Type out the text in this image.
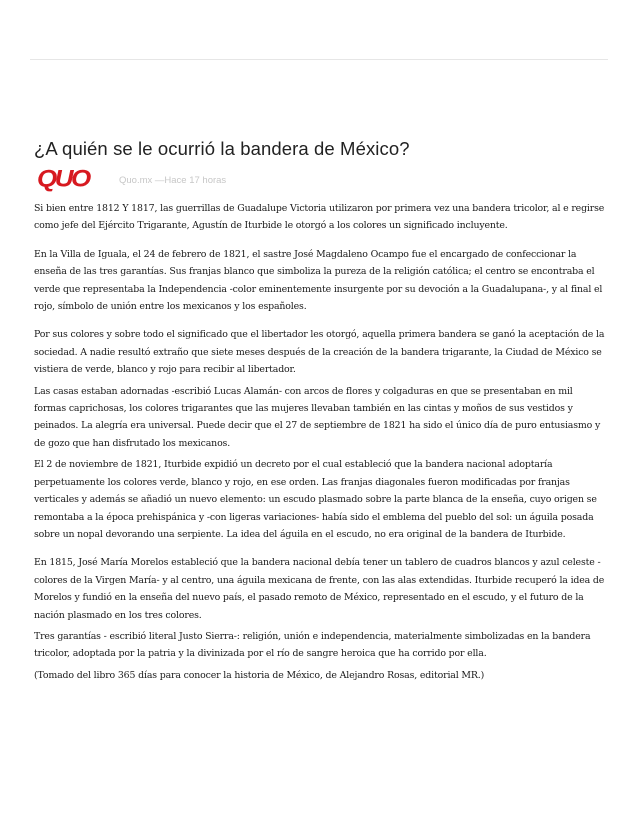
¿A quién se le ocurrió la bandera de México?
QUO	Quo.mx —Hace 17 horas

Si bien entre 1812 Y 1817, las guerrillas de Guadalupe Victoria utilizaron por primera vez una bandera tricolor, al e regirse como jefe del Ejército Trigarante, Agustín de Iturbide le otorgó a los colores un significado incluyente.

En la Villa de Iguala, el 24 de febrero de 1821, el sastre José Magdaleno Ocampo fue el encargado de confeccionar la enseña de las tres garantías. Sus franjas blanco que simboliza la pureza de la religión católica; el centro se encontraba el verde que representaba la Independencia -color eminentemente insurgente por su devoción a la Guadalupana-, y al final el rojo, símbolo de unión entre los mexicanos y los españoles.

Por sus colores y sobre todo el significado que el libertador les otorgó, aquella primera bandera se ganó la aceptación de la sociedad. A nadie resultó extraño que siete meses después de la creación de la bandera trigarante, la Ciudad de México se vistiera de verde, blanco y rojo para recibir al libertador.

Las casas estaban adornadas -escribió Lucas Alamán- con arcos de flores y colgaduras en que se presentaban en mil formas caprichosas, los colores trigarantes que las mujeres llevaban también en las cintas y moños de sus vestidos y peinados. La alegría era universal. Puede decir que el 27 de septiembre de 1821 ha sido el único día de puro entusiasmo y de gozo que han disfrutado los mexicanos.

El 2 de noviembre de 1821, Iturbide expidió un decreto por el cual estableció que la bandera nacional adoptaría perpetuamente los colores verde, blanco y rojo, en ese orden. Las franjas diagonales fueron modificadas por franjas verticales y además se añadió un nuevo elemento: un escudo plasmado sobre la parte blanca de la enseña, cuyo origen se remontaba a la época prehispánica y -con ligeras variaciones- había sido el emblema del pueblo del sol: un águila posada sobre un nopal devorando una serpiente. La idea del águila en el escudo, no era original de la bandera de Iturbide.

En 1815, José María Morelos estableció que la bandera nacional debía tener un tablero de cuadros blancos y azul celeste - colores de la Virgen María- y al centro, una águila mexicana de frente, con las alas extendidas. Iturbide recuperó la idea de Morelos y fundió en la enseña del nuevo país, el pasado remoto de México, representado en el escudo, y el futuro de la nación plasmado en los tres colores.

Tres garantías - escribió literal Justo Sierra-: religión, unión e independencia, materialmente simbolizadas en la bandera tricolor, adoptada por la patria y la divinizada por el río de sangre heroica que ha corrido por ella.

(Tomado del libro 365 días para conocer la historia de México, de Alejandro Rosas, editorial MR.)
